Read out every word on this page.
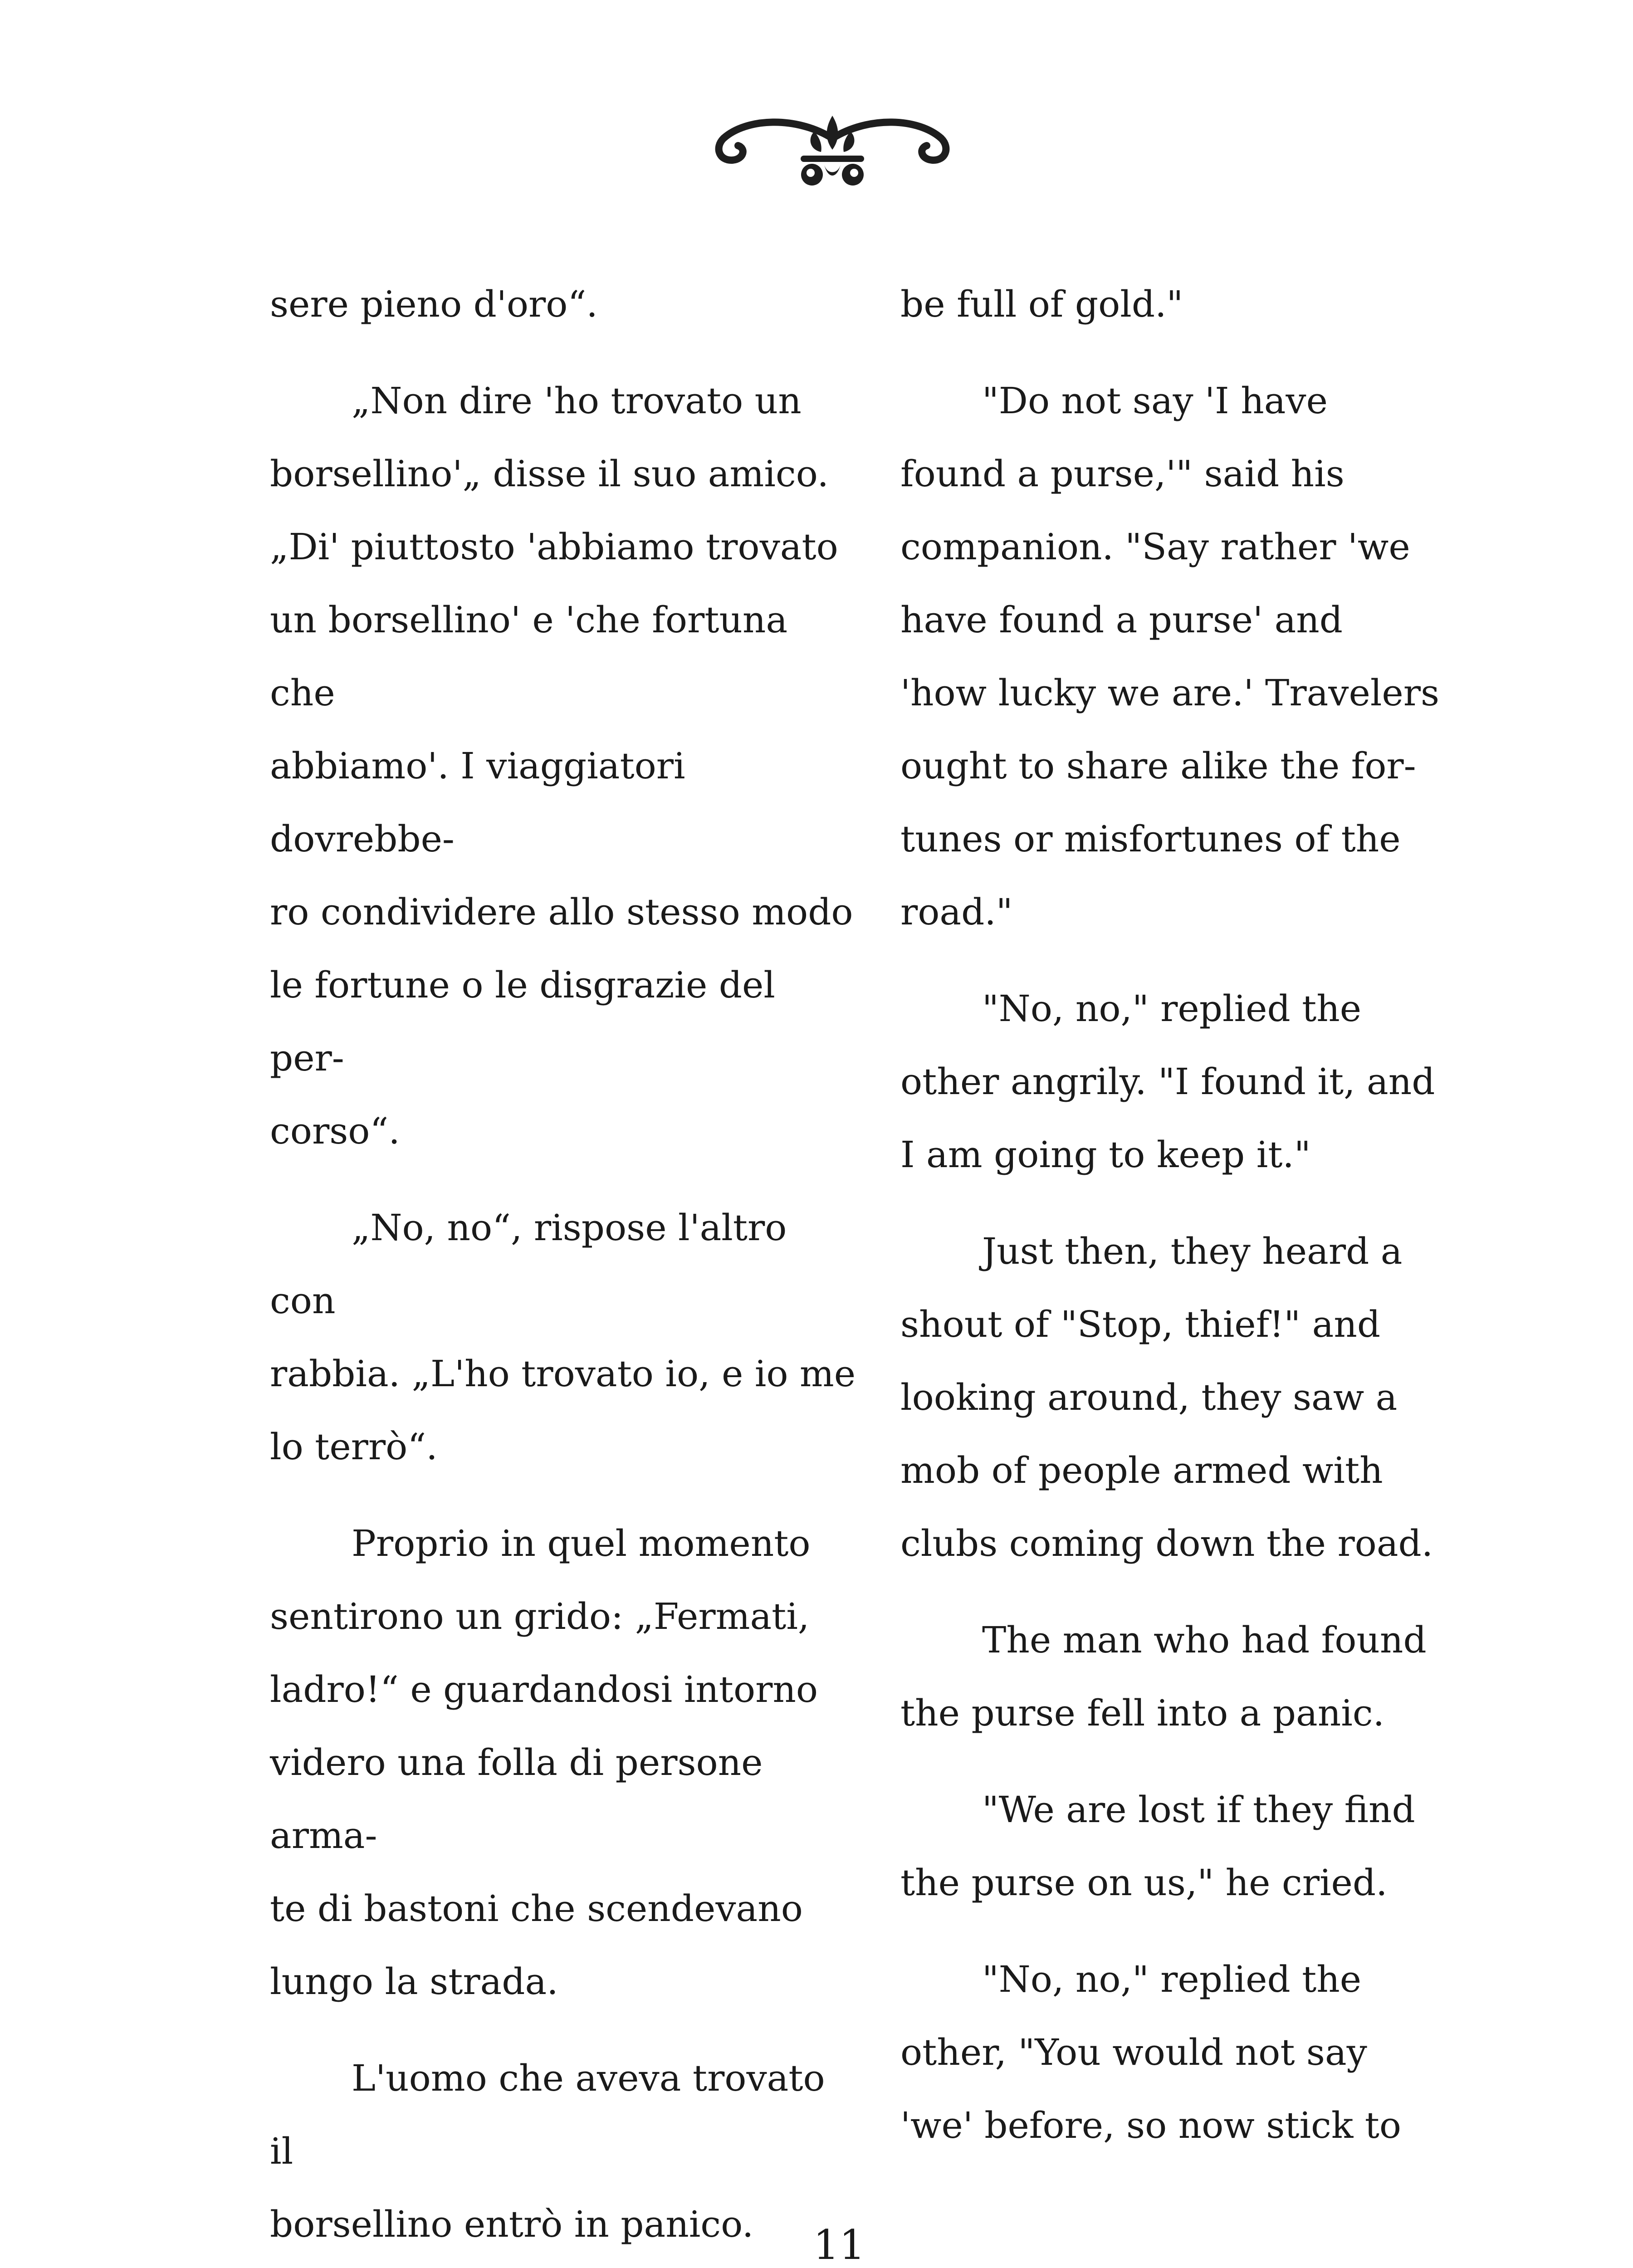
sere pieno d'oro“.

„Non dire 'ho trovato un
borsellino'„ disse il suo amico.
„Di' piuttosto 'abbiamo trovato
un borsellino' e 'che fortuna che
abbiamo'. I viaggiatori dovrebbe-
ro condividere allo stesso modo
le fortune o le disgrazie del per-
corso“.

„No, no“, rispose l'altro con
rabbia. „L'ho trovato io, e io me
lo terrò“.

Proprio in quel momento
sentirono un grido: „Fermati,
ladro!“ e guardandosi intorno
videro una folla di persone arma-
te di bastoni che scendevano
lungo la strada.

L'uomo che aveva trovato il
borsellino entrò in panico.

be full of gold."

"Do not say 'I have
found a purse,'" said his
companion. "Say rather 'we
have found a purse' and
'how lucky we are.' Travelers
ought to share alike the for-
tunes or misfortunes of the
road."

"No, no," replied the
other angrily. "I found it, and
I am going to keep it."

Just then, they heard a
shout of "Stop, thief!" and
looking around, they saw a
mob of people armed with
clubs coming down the road.

The man who had found
the purse fell into a panic.

"We are lost if they find
the purse on us," he cried.

"No, no," replied the
other, "You would not say
'we' before, so now stick to

11
